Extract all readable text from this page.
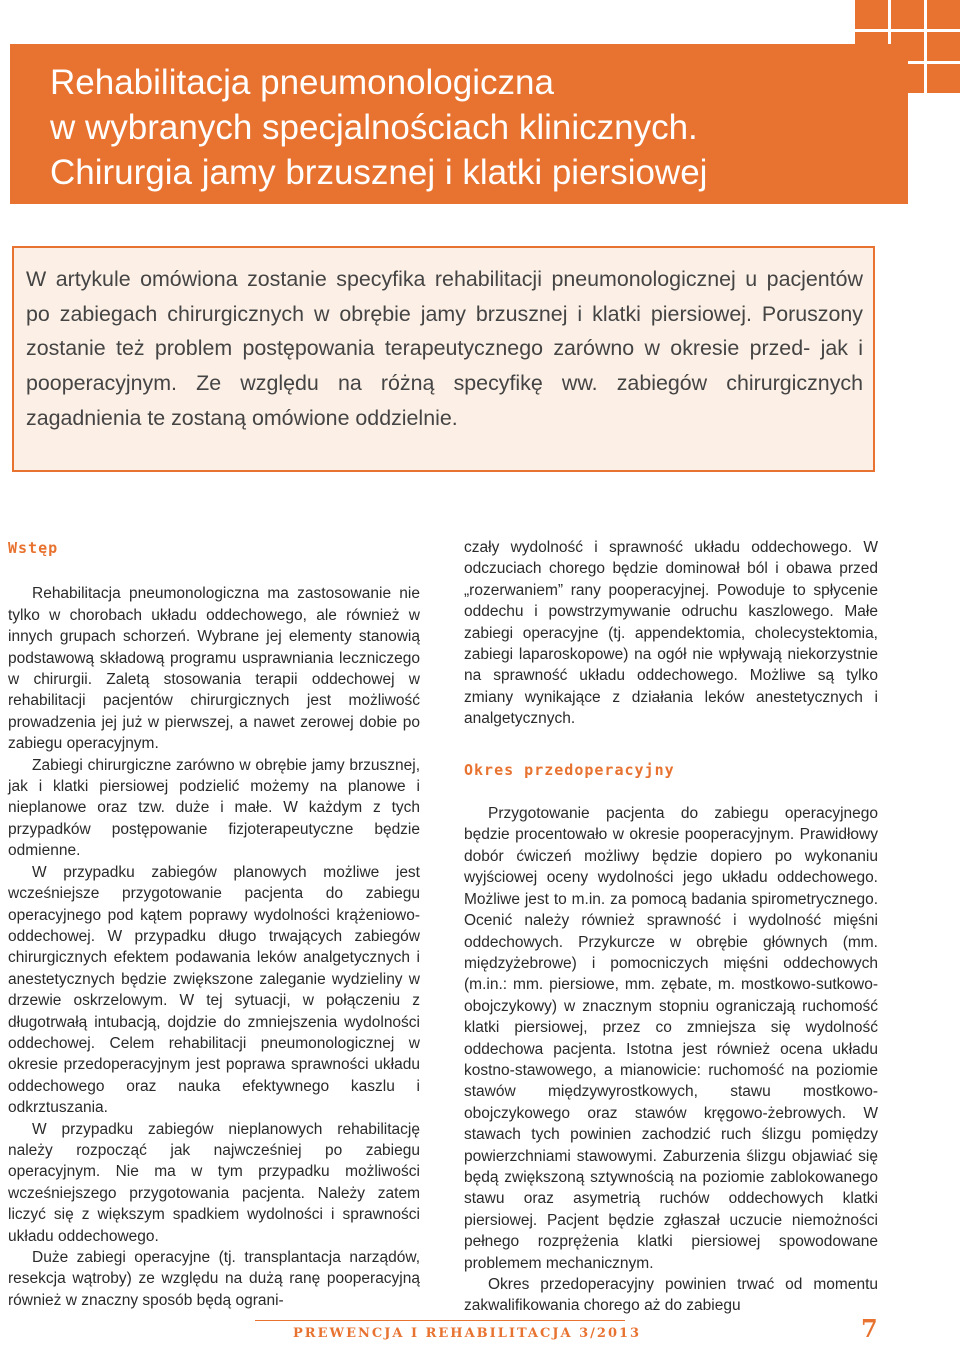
Rehabilitacja pneumonologiczna
w wybranych specjalnościach klinicznych.
Chirurgia jamy brzusznej i klatki piersiowej

W artykule omówiona zostanie specyfika rehabilitacji pneumonologicznej u pacjentów po zabiegach chirurgicznych w obrębie jamy brzusznej i klatki piersiowej. Poruszony zostanie też problem postępowania terapeutycznego zarówno w okresie przed- jak i pooperacyjnym. Ze względu na różną specyfikę ww. zabiegów chirurgicznych zagadnienia te zostaną omówione oddzielnie.

Wstęp

Rehabilitacja pneumonologiczna ma zastosowanie nie tylko w chorobach układu oddechowego, ale również w innych grupach schorzeń. Wybrane jej elementy stanowią podstawową składową programu usprawniania leczniczego w chirurgii. Zaletą stosowania terapii oddechowej w rehabilitacji pacjentów chirurgicznych jest możliwość prowadzenia jej już w pierwszej, a nawet zerowej dobie po zabiegu operacyjnym.

Zabiegi chirurgiczne zarówno w obrębie jamy brzusznej, jak i klatki piersiowej podzielić możemy na planowe i nieplanowe oraz tzw. duże i małe. W każdym z tych przypadków postępowanie fizjoterapeutyczne będzie odmienne.

W przypadku zabiegów planowych możliwe jest wcześniejsze przygotowanie pacjenta do zabiegu operacyjnego pod kątem poprawy wydolności krążeniowo-oddechowej. W przypadku długo trwających zabiegów chirurgicznych efektem podawania leków analgetycznych i anestetycznych będzie zwiększone zaleganie wydzieliny w drzewie oskrzelowym. W tej sytuacji, w połączeniu z długotrwałą intubacją, dojdzie do zmniejszenia wydolności oddechowej. Celem rehabilitacji pneumonologicznej w okresie przedoperacyjnym jest poprawa sprawności układu oddechowego oraz nauka efektywnego kaszlu i odkrztuszania.

W przypadku zabiegów nieplanowych rehabilitację należy rozpocząć jak najwcześniej po zabiegu operacyjnym. Nie ma w tym przypadku możliwości wcześniejszego przygotowania pacjenta. Należy zatem liczyć się z większym spadkiem wydolności i sprawności układu oddechowego.

Duże zabiegi operacyjne (tj. transplantacja narządów, resekcja wątroby) ze względu na dużą ranę pooperacyjną również w znaczny sposób będą ograni-

czały wydolność i sprawność układu oddechowego. W odczuciach chorego będzie dominował ból i obawa przed „rozerwaniem” rany pooperacyjnej. Powoduje to spłycenie oddechu i powstrzymywanie odruchu kaszlowego. Małe zabiegi operacyjne (tj. appendektomia, cholecystektomia, zabiegi laparoskopowe) na ogół nie wpływają niekorzystnie na sprawność układu oddechowego. Możliwe są tylko zmiany wynikające z działania leków anestetycznych i analgetycznych.

Okres przedoperacyjny

Przygotowanie pacjenta do zabiegu operacyjnego będzie procentowało w okresie pooperacyjnym. Prawidłowy dobór ćwiczeń możliwy będzie dopiero po wykonaniu wyjściowej oceny wydolności jego układu oddechowego. Możliwe jest to m.in. za pomocą badania spirometrycznego. Ocenić należy również sprawność i wydolność mięśni oddechowych. Przykurcze w obrębie głównych (mm. międzyżebrowe) i pomocniczych mięśni oddechowych (m.in.: mm. piersiowe, mm. zębate, m. mostkowo-sutkowo-obojczykowy) w znacznym stopniu ograniczają ruchomość klatki piersiowej, przez co zmniejsza się wydolność oddechowa pacjenta. Istotna jest również ocena układu kostno-stawowego, a mianowicie: ruchomość na poziomie stawów międzywyrostkowych, stawu mostkowo-obojczykowego oraz stawów kręgowo-żebrowych. W stawach tych powinien zachodzić ruch ślizgu pomiędzy powierzchniami stawowymi. Zaburzenia ślizgu objawiać się będą zwiększoną sztywnością na poziomie zablokowanego stawu oraz asymetrią ruchów oddechowych klatki piersiowej. Pacjent będzie zgłaszał uczucie niemożności pełnego rozprężenia klatki piersiowej spowodowane problemem mechanicznym.

Okres przedoperacyjny powinien trwać od momentu zakwalifikowania chorego aż do zabiegu

PREWENCJA I REHABILITACJA 3/2013	7
